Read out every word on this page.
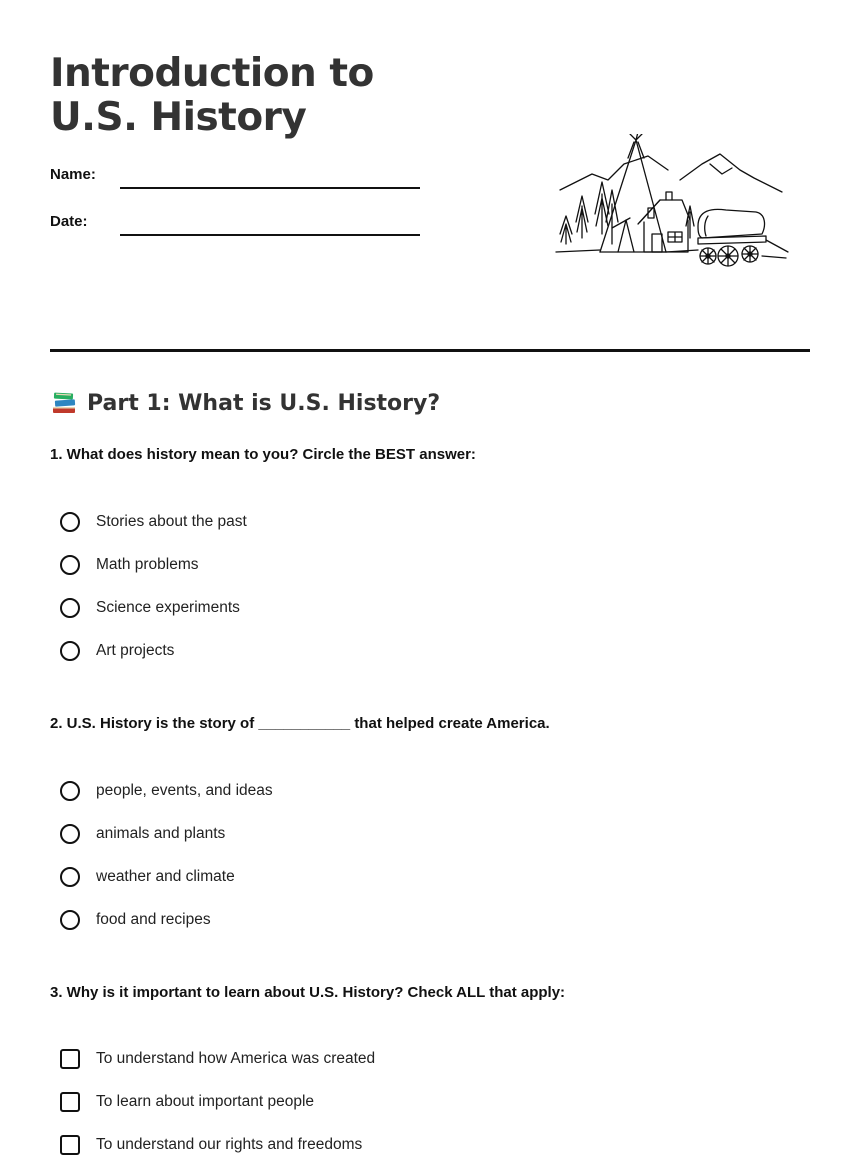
Introduction to U.S. History
Name:
Date:
Part 1: What is U.S. History?
1. What does history mean to you? Circle the BEST answer:
Stories about the past
Math problems
Science experiments
Art projects
2. U.S. History is the story of ___________ that helped create America.
people, events, and ideas
animals and plants
weather and climate
food and recipes
3. Why is it important to learn about U.S. History? Check ALL that apply:
To understand how America was created
To learn about important people
To understand our rights and freedoms
